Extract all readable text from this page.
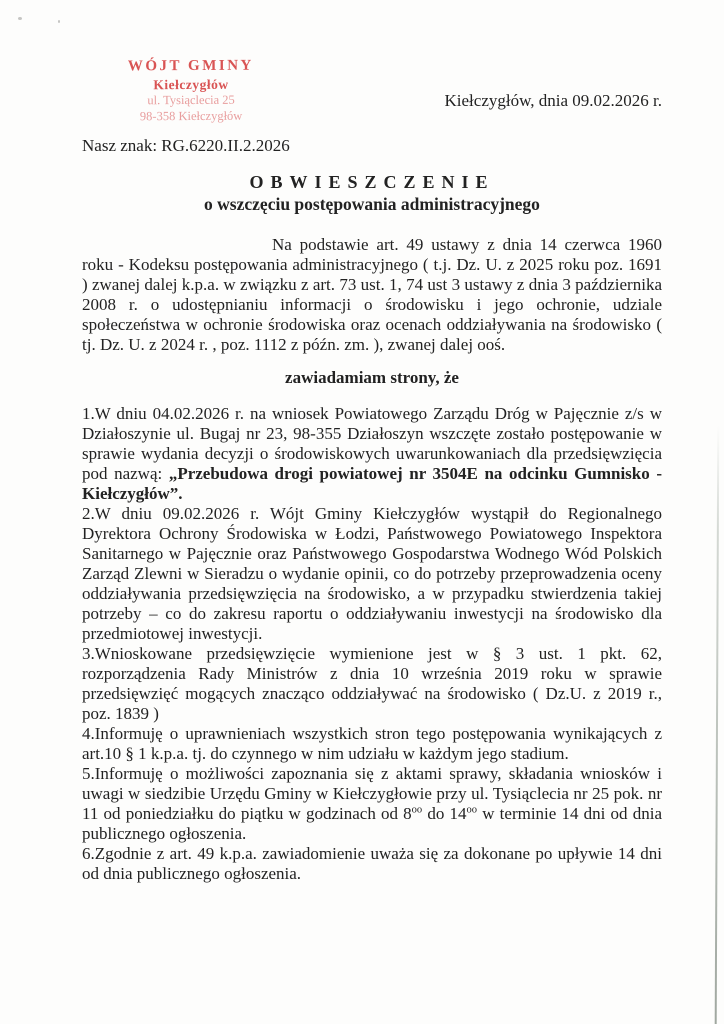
WÓJT GMINY
Kiełczygłów
ul. Tysiąclecia 25
98-358 Kiełczygłów
Kiełczygłów, dnia 09.02.2026 r.
Nasz znak: RG.6220.II.2.2026
OBWIESZCZENIE
o wszczęciu postępowania administracyjnego

Na podstawie art. 49 ustawy z dnia 14 czerwca 1960 roku - Kodeksu postępowania administracyjnego ( t.j. Dz. U. z 2025 roku poz. 1691 ) zwanej dalej k.p.a. w związku z art. 73 ust. 1, 74 ust 3 ustawy z dnia 3 października 2008 r. o udostępnianiu informacji o środowisku i jego ochronie, udziale społeczeństwa w ochronie środowiska oraz ocenach oddziaływania na środowisko ( tj. Dz. U. z 2024 r. , poz. 1112 z późn. zm. ), zwanej dalej ooś.

zawiadamiam strony, że

1.W dniu 04.02.2026 r. na wniosek Powiatowego Zarządu Dróg w Pajęcznie z/s w Działoszynie ul. Bugaj nr 23, 98-355 Działoszyn wszczęte zostało postępowanie w sprawie wydania decyzji o środowiskowych uwarunkowaniach dla przedsięwzięcia pod nazwą: „Przebudowa drogi powiatowej nr 3504E na odcinku Gumnisko - Kiełczygłów”.

2.W dniu 09.02.2026 r. Wójt Gminy Kiełczygłów wystąpił do Regionalnego Dyrektora Ochrony Środowiska w Łodzi, Państwowego Powiatowego Inspektora Sanitarnego w Pajęcznie oraz Państwowego Gospodarstwa Wodnego Wód Polskich Zarząd Zlewni w Sieradzu o wydanie opinii, co do potrzeby przeprowadzenia oceny oddziaływania przedsięwzięcia na środowisko, a w przypadku stwierdzenia takiej potrzeby – co do zakresu raportu o oddziaływaniu inwestycji na środowisko dla przedmiotowej inwestycji.

3.Wnioskowane przedsięwzięcie wymienione jest w § 3 ust. 1 pkt. 62, rozporządzenia Rady Ministrów z dnia 10 września 2019 roku w sprawie przedsięwzięć mogących znacząco oddziaływać na środowisko ( Dz.U. z 2019 r., poz. 1839 )

4.Informuję o uprawnieniach wszystkich stron tego postępowania wynikających z art.10 § 1 k.p.a. tj. do czynnego w nim udziału w każdym jego stadium.

5.Informuję o możliwości zapoznania się z aktami sprawy, składania wniosków i uwagi w siedzibie Urzędu Gminy w Kiełczygłowie przy ul. Tysiąclecia nr 25 pok. nr 11 od poniedziałku do piątku w godzinach od $8^{oo}$ do $14^{oo}$ w terminie 14 dni od dnia publicznego ogłoszenia.

6.Zgodnie z art. 49 k.p.a. zawiadomienie uważa się za dokonane po upływie 14 dni od dnia publicznego ogłoszenia.
